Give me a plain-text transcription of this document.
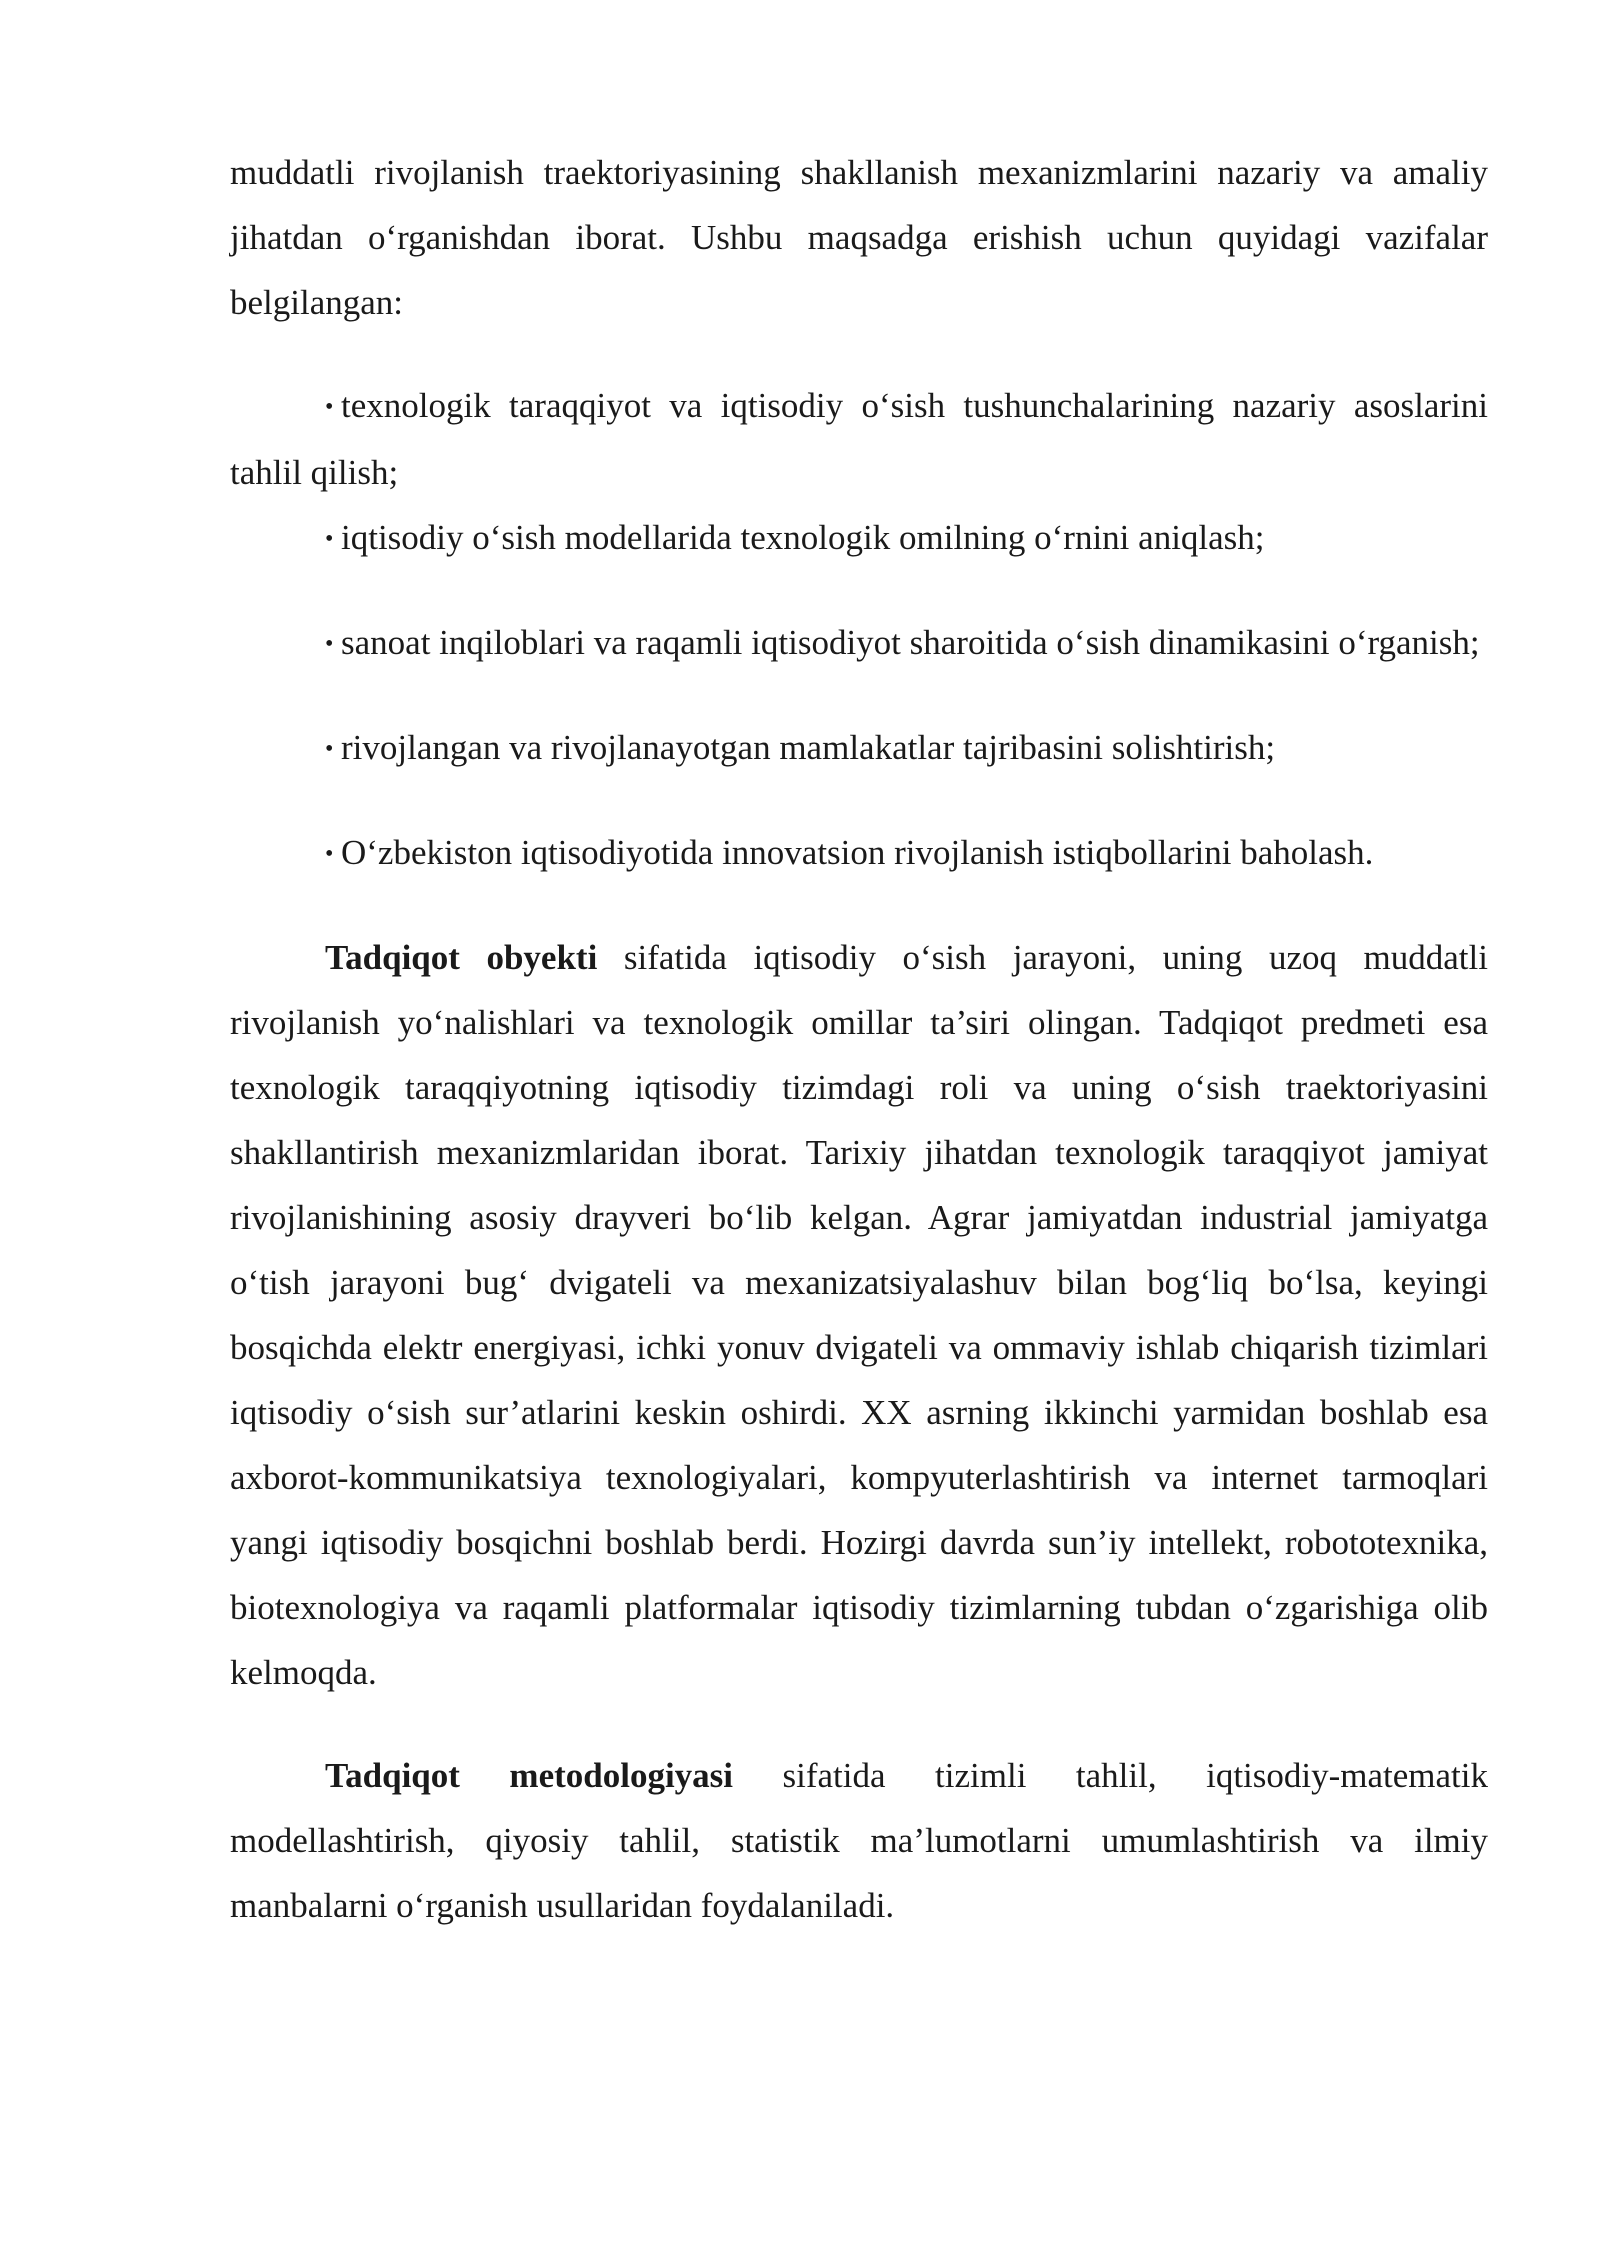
muddatli rivojlanish traektoriyasining shakllanish mexanizmlarini nazariy va amaliy jihatdan o‘rganishdan iborat. Ushbu maqsadga erishish uchun quyidagi vazifalar belgilangan:

• texnologik taraqqiyot va iqtisodiy o‘sish tushunchalarining nazariy asoslarini tahlil qilish;
• iqtisodiy o‘sish modellarida texnologik omilning o‘rnini aniqlash;
• sanoat inqiloblari va raqamli iqtisodiyot sharoitida o‘sish dinamikasini o‘rganish;
• rivojlangan va rivojlanayotgan mamlakatlar tajribasini solishtirish;
• O‘zbekiston iqtisodiyotida innovatsion rivojlanish istiqbollarini baholash.

Tadqiqot obyekti sifatida iqtisodiy o‘sish jarayoni, uning uzoq muddatli rivojlanish yo‘nalishlari va texnologik omillar ta’siri olingan. Tadqiqot predmeti esa texnologik taraqqiyotning iqtisodiy tizimdagi roli va uning o‘sish traektoriyasini shakllantirish mexanizmlaridan iborat. Tarixiy jihatdan texnologik taraqqiyot jamiyat rivojlanishining asosiy drayveri bo‘lib kelgan. Agrar jamiyatdan industrial jamiyatga o‘tish jarayoni bug‘ dvigateli va mexanizatsiyalashuv bilan bog‘liq bo‘lsa, keyingi bosqichda elektr energiyasi, ichki yonuv dvigateli va ommaviy ishlab chiqarish tizimlari iqtisodiy o‘sish sur’atlarini keskin oshirdi. XX asrning ikkinchi yarmidan boshlab esa axborot-kommunikatsiya texnologiyalari, kompyuterlashtirish va internet tarmoqlari yangi iqtisodiy bosqichni boshlab berdi. Hozirgi davrda sun’iy intellekt, robototexnika, biotexnologiya va raqamli platformalar iqtisodiy tizimlarning tubdan o‘zgarishiga olib kelmoqda.

Tadqiqot metodologiyasi sifatida tizimli tahlil, iqtisodiy-matematik modellashtirish, qiyosiy tahlil, statistik ma’lumotlarni umumlashtirish va ilmiy manbalarni o‘rganish usullaridan foydalaniladi.
